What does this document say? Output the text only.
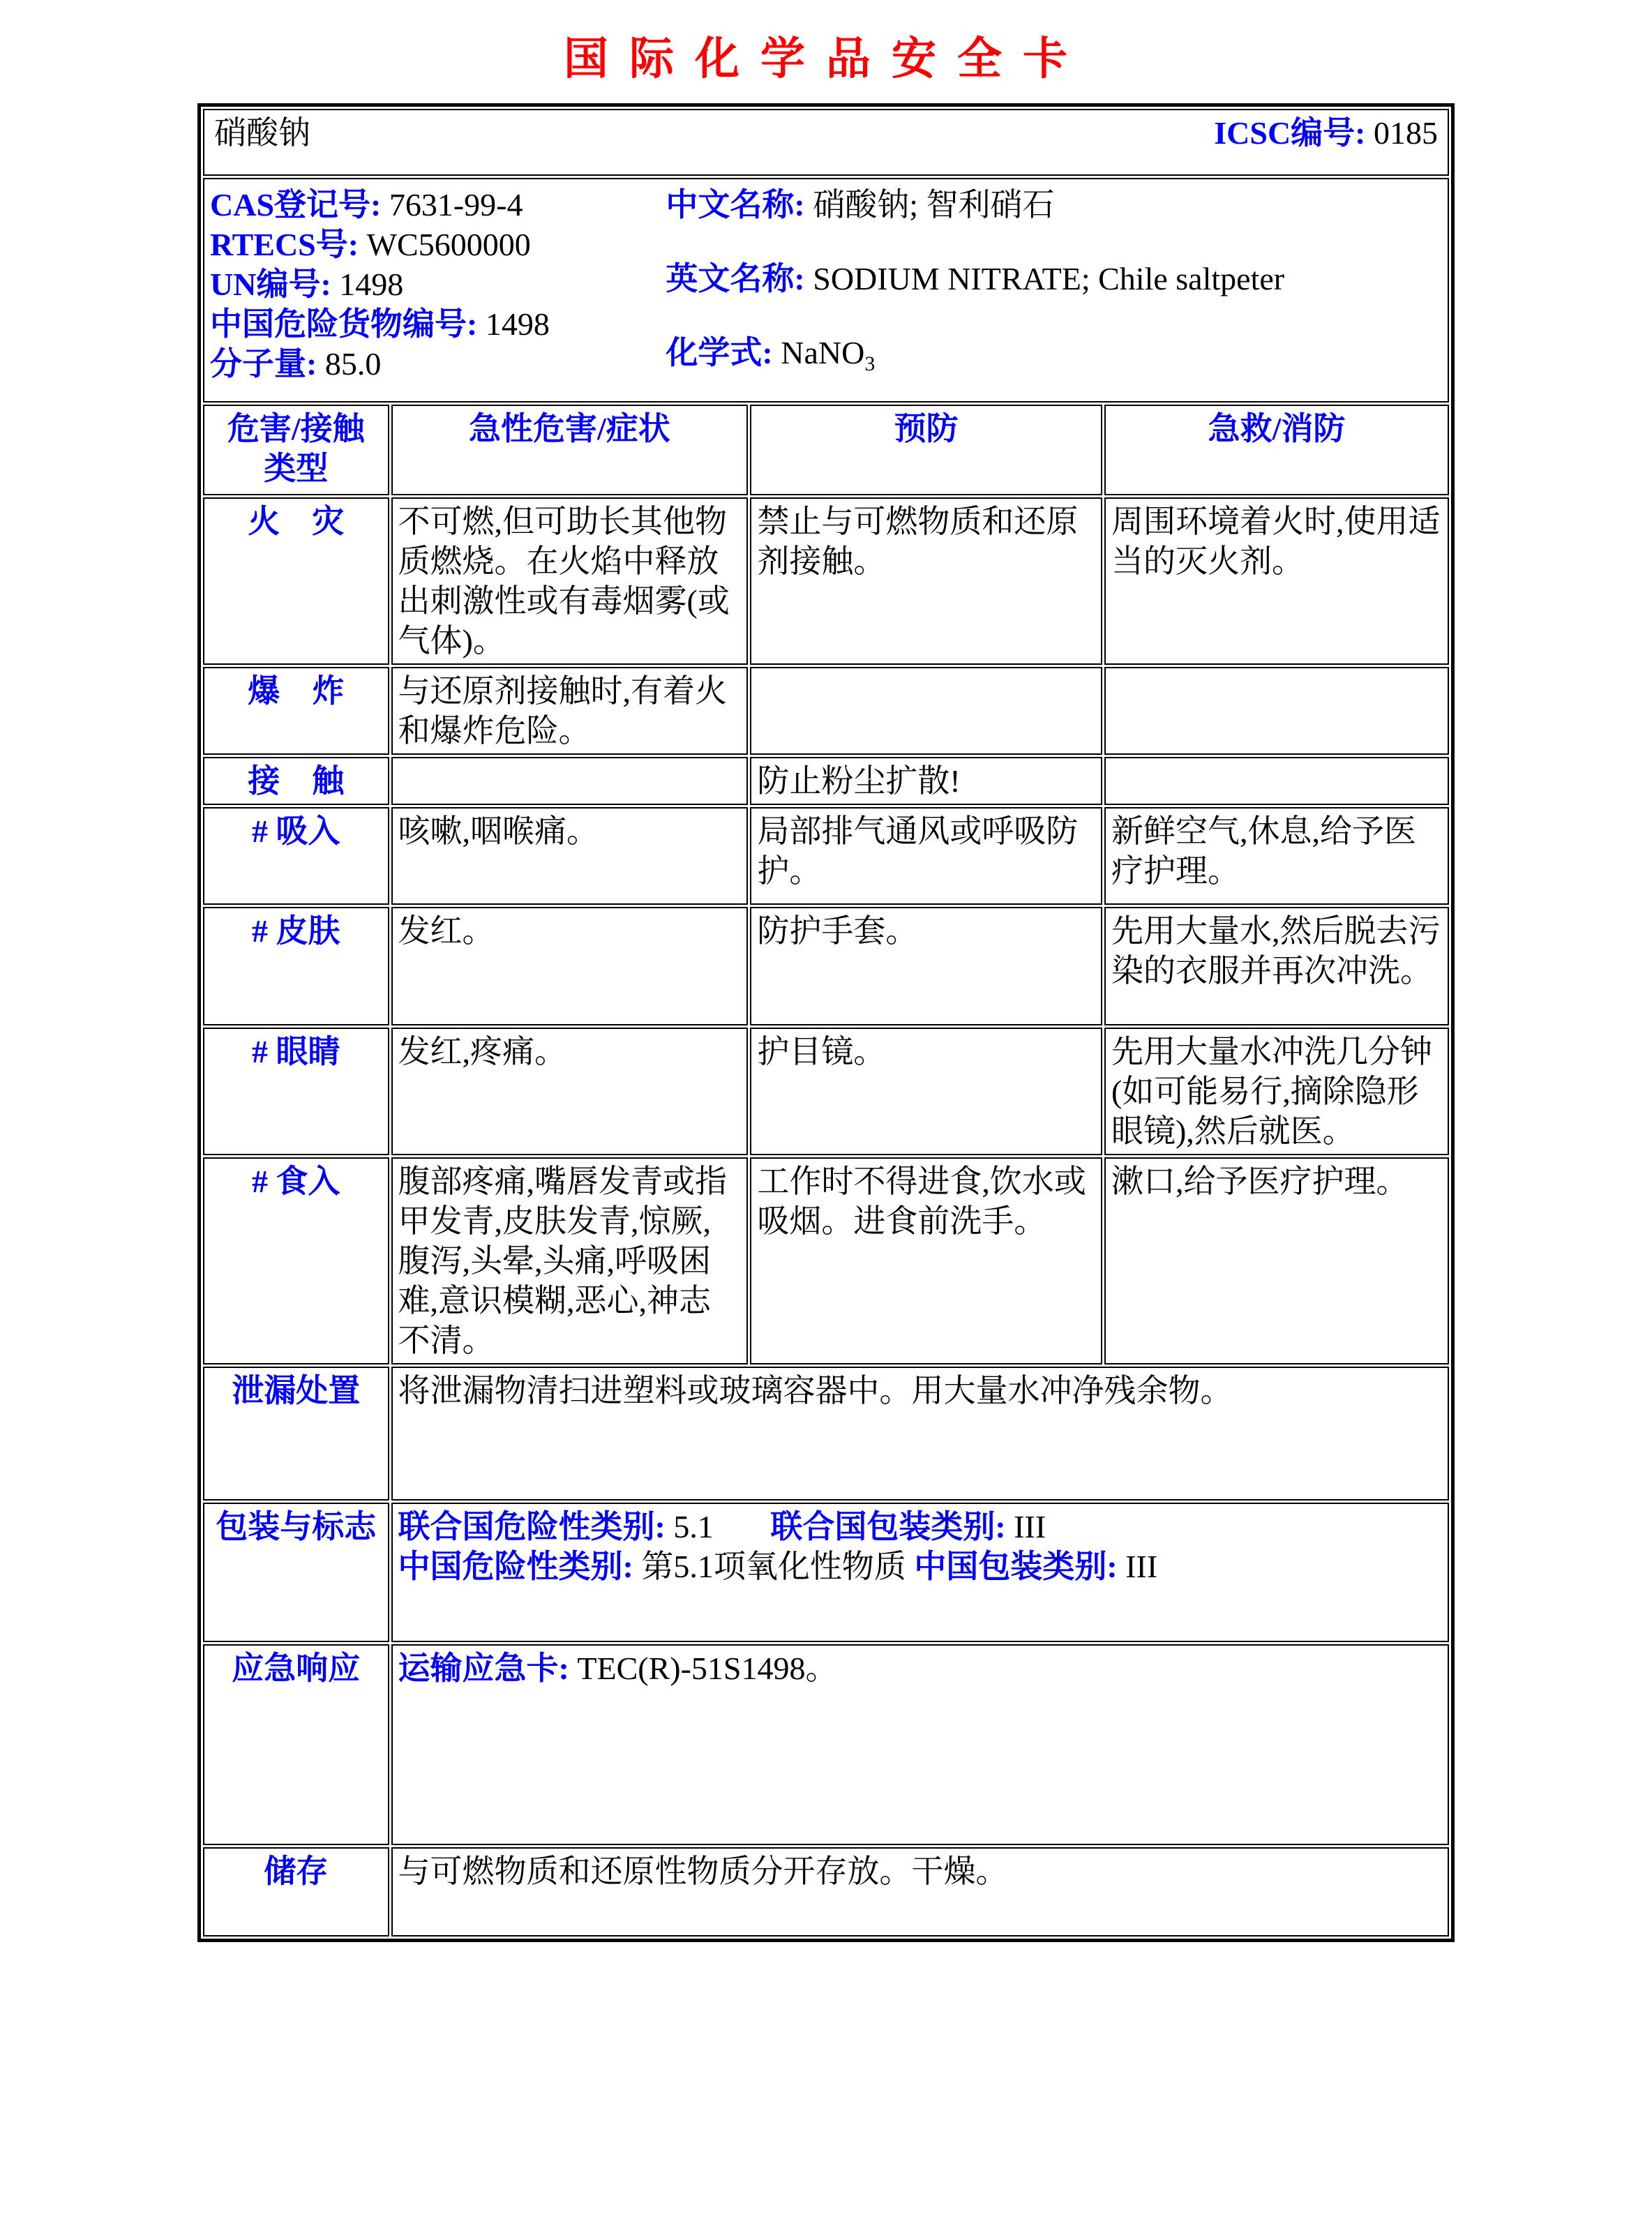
国际化学品安全卡
硝酸钠 ICSC编号: 0185			

CAS登记号: 7631-99-4
RTECS号: WC5600000
UN编号: 1498
中国危险货物编号: 1498
分子量: 85.0
中文名称: 硝酸钠; 智利硝石
英文名称: SODIUM NITRATE; Chile saltpeter
化学式: NaNO$_3$

危害/接触
类型	急性危害/症状	预防	急救/消防
火　灾	不可燃,但可助长其他物质燃烧。在火焰中释放出刺激性或有毒烟雾(或气体)。	禁止与可燃物质和还原剂接触。	周围环境着火时,使用适当的灭火剂。
爆　炸	与还原剂接触时,有着火和爆炸危险。		
接　触		防止粉尘扩散!	
# 吸入	咳嗽,咽喉痛。	局部排气通风或呼吸防护。	新鲜空气,休息,给予医疗护理。
# 皮肤	发红。	防护手套。	先用大量水,然后脱去污染的衣服并再次冲洗。
# 眼睛	发红,疼痛。	护目镜。	先用大量水冲洗几分钟(如可能易行,摘除隐形眼镜),然后就医。
# 食入	腹部疼痛,嘴唇发青或指甲发青,皮肤发青,惊厥,腹泻,头晕,头痛,呼吸困难,意识模糊,恶心,神志不清。	工作时不得进食,饮水或吸烟。进食前洗手。	漱口,给予医疗护理。
泄漏处置	将泄漏物清扫进塑料或玻璃容器中。用大量水冲净残余物。		
包装与标志	联合国危险性类别: 5.1 联合国包装类别: III
中国危险性类别: 第5.1项氧化性物质 中国包装类别: III		

应急响应	运输应急卡: TEC(R)-51S1498。		
储存	与可燃物质和还原性物质分开存放。干燥。		
